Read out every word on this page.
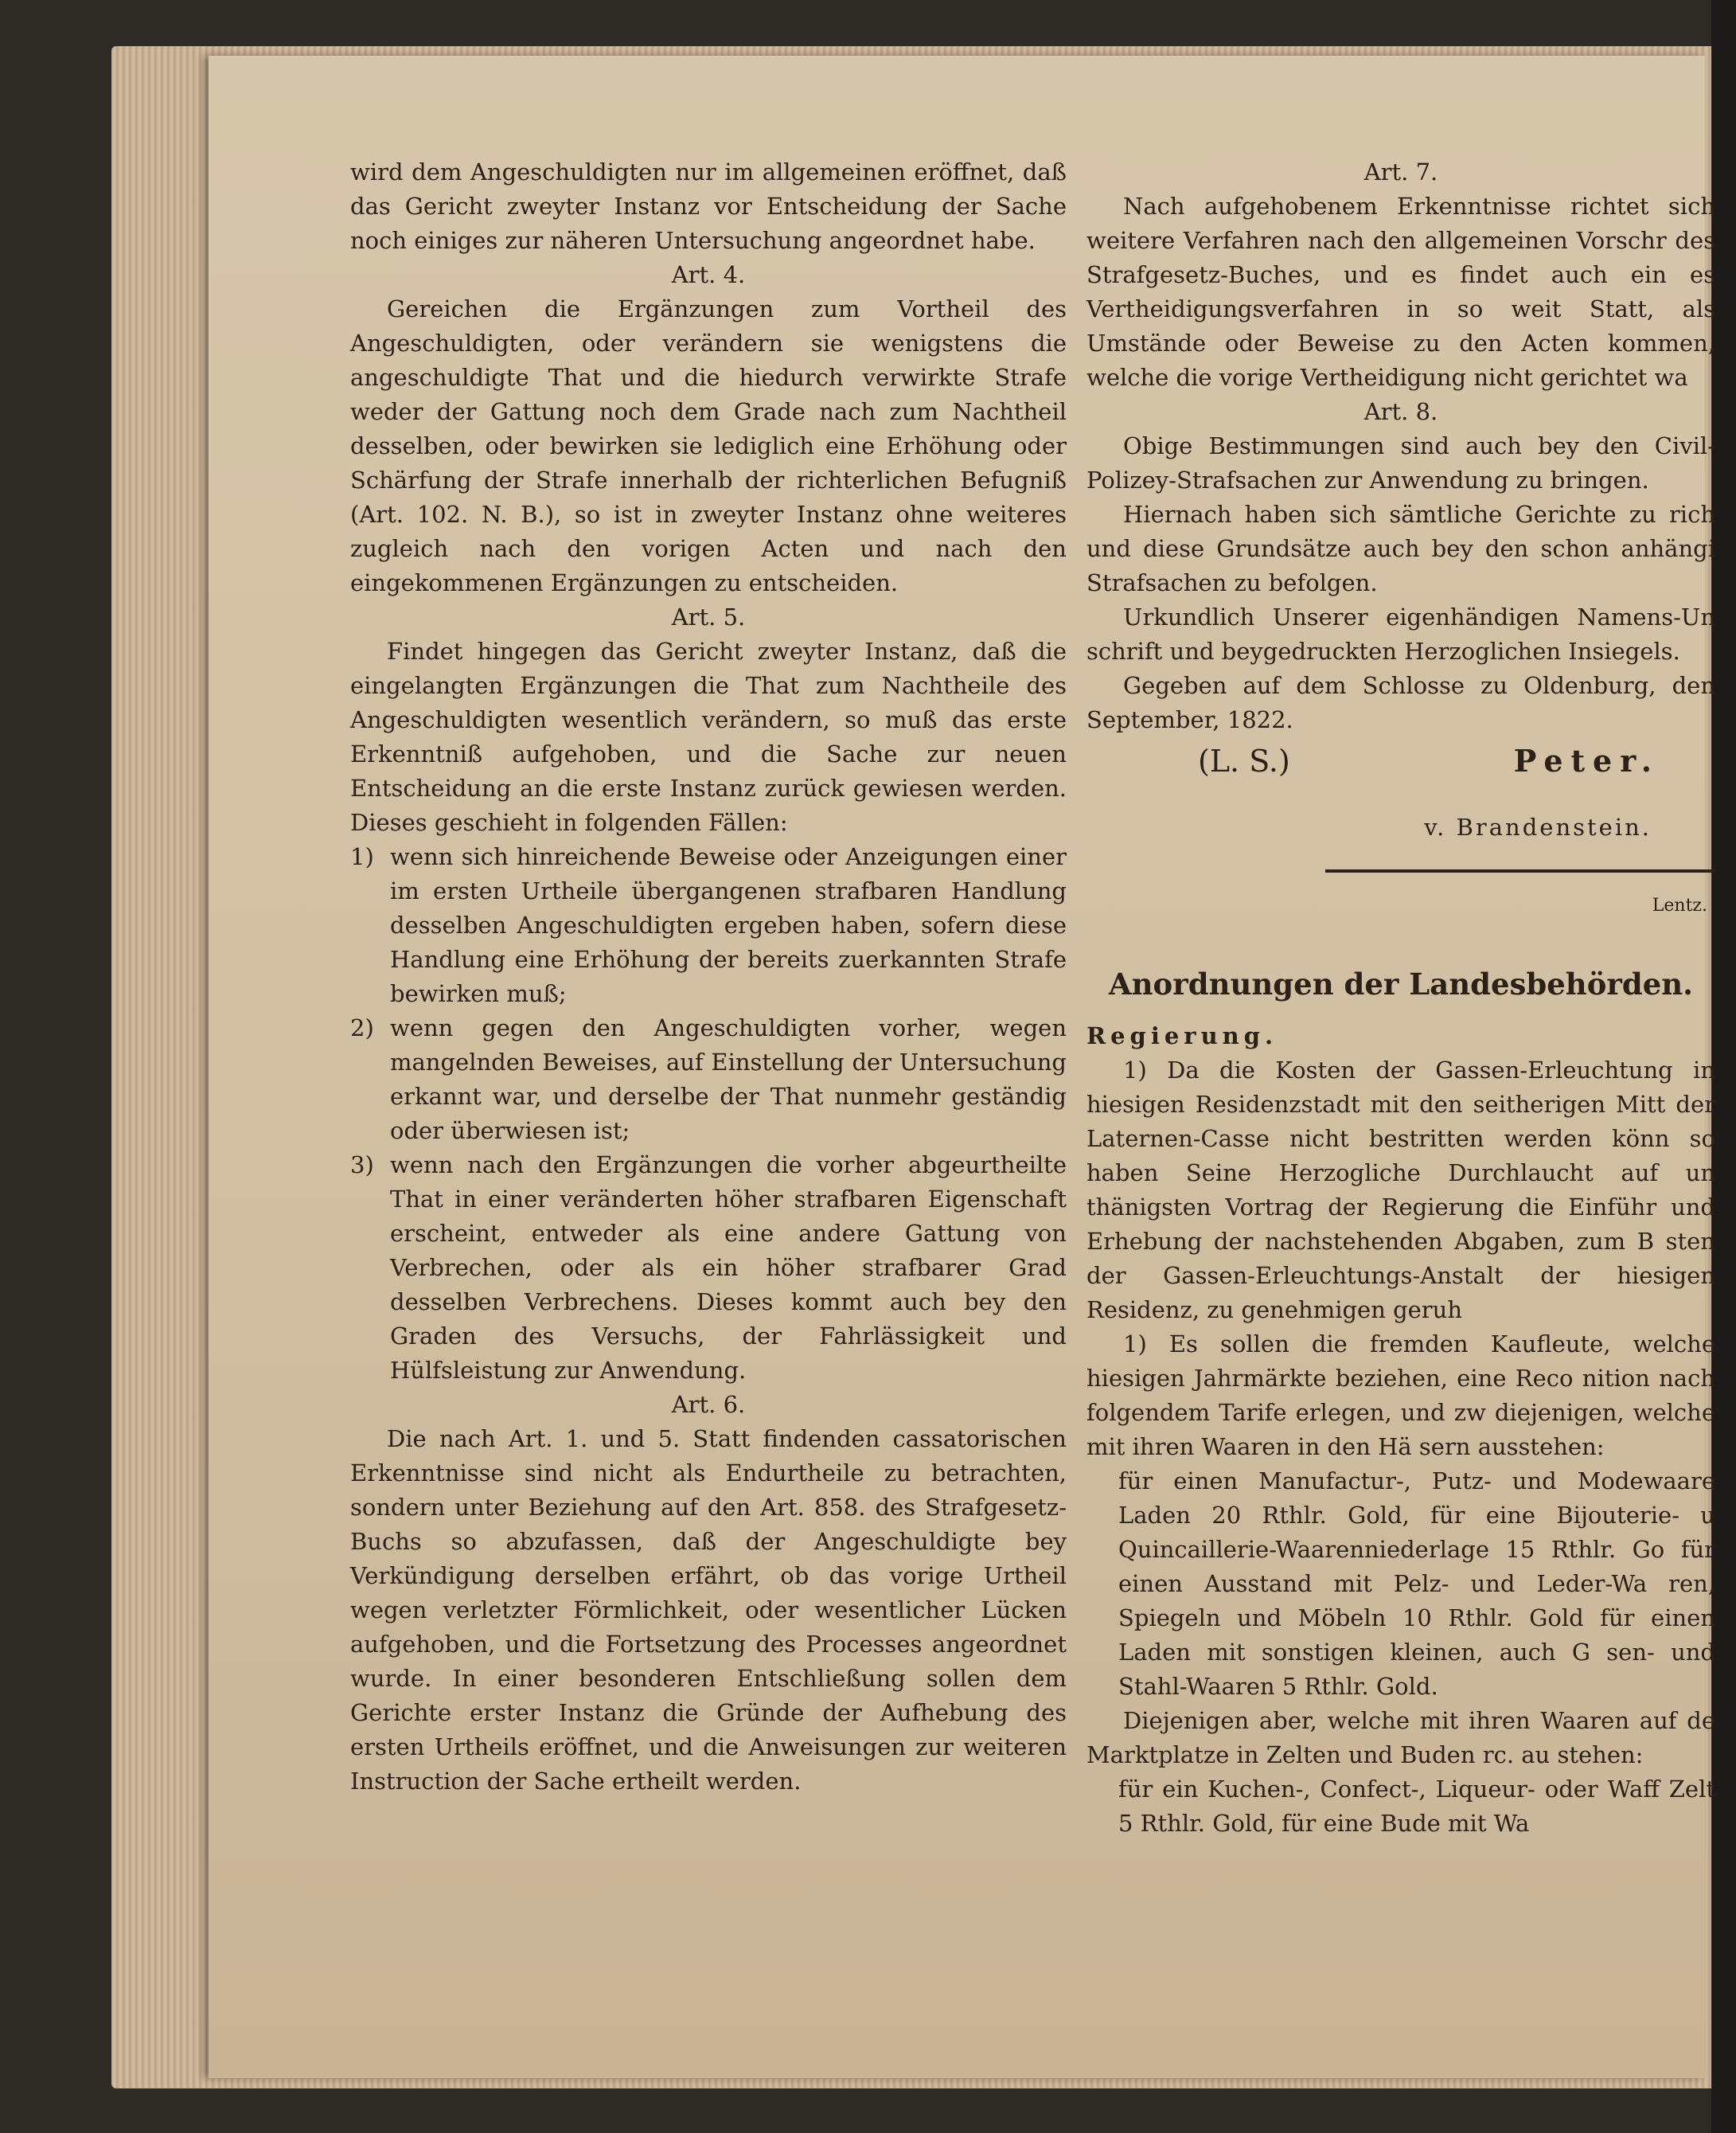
wird dem Angeschuldigten nur im allgemeinen eröffnet, daß das Gericht zweyter Instanz vor Entscheidung der Sache noch einiges zur näheren Untersuchung angeordnet habe.

Art. 4.

Gereichen die Ergänzungen zum Vortheil des Angeschuldigten, oder verändern sie wenigstens die angeschuldigte That und die hiedurch verwirkte Strafe weder der Gattung noch dem Grade nach zum Nachtheil desselben, oder bewirken sie lediglich eine Erhöhung oder Schärfung der Strafe innerhalb der richterlichen Befugniß (Art. 102. N. B.), so ist in zweyter Instanz ohne weiteres zugleich nach den vorigen Acten und nach den eingekommenen Ergänzungen zu entscheiden.

Art. 5.

Findet hingegen das Gericht zweyter Instanz, daß die eingelangten Ergänzungen die That zum Nachtheile des Angeschuldigten wesentlich verändern, so muß das erste Erkenntniß aufgehoben, und die Sache zur neuen Entscheidung an die erste Instanz zurück gewiesen werden. Dieses geschieht in folgenden Fällen:

1) wenn sich hinreichende Beweise oder Anzeigungen einer im ersten Urtheile übergangenen strafbaren Handlung desselben Angeschuldigten ergeben haben, sofern diese Handlung eine Erhöhung der bereits zuerkannten Strafe bewirken muß;
2) wenn gegen den Angeschuldigten vorher, wegen mangelnden Beweises, auf Einstellung der Untersuchung erkannt war, und derselbe der That nunmehr geständig oder überwiesen ist;
3) wenn nach den Ergänzungen die vorher abgeurtheilte That in einer veränderten höher strafbaren Eigenschaft erscheint, entweder als eine andere Gattung von Verbrechen, oder als ein höher strafbarer Grad desselben Verbrechens. Dieses kommt auch bey den Graden des Versuchs, der Fahrlässigkeit und Hülfsleistung zur Anwendung.

Art. 6.

Die nach Art. 1. und 5. Statt findenden cassatorischen Erkenntnisse sind nicht als Endurtheile zu betrachten, sondern unter Beziehung auf den Art. 858. des Strafgesetz-Buchs so abzufassen, daß der Angeschuldigte bey Verkündigung derselben erfährt, ob das vorige Urtheil wegen verletzter Förmlichkeit, oder wesentlicher Lücken aufgehoben, und die Fortsetzung des Processes angeordnet wurde. In einer besonderen Entschließung sollen dem Gerichte erster Instanz die Gründe der Aufhebung des ersten Urtheils eröffnet, und die Anweisungen zur weiteren Instruction der Sache ertheilt werden.

Art. 7.

Nach aufgehobenem Erkenntnisse richtet sich weitere Verfahren nach den allgemeinen Vorschr des Strafgesetz-Buches, und es findet auch ein es Vertheidigungsverfahren in so weit Statt, als Umstände oder Beweise zu den Acten kommen, welche die vorige Vertheidigung nicht gerichtet wa

Art. 8.

Obige Bestimmungen sind auch bey den Civil- Polizey-Strafsachen zur Anwendung zu bringen.

Hiernach haben sich sämtliche Gerichte zu rich und diese Grundsätze auch bey den schon anhängi Strafsachen zu befolgen.

Urkundlich Unserer eigenhändigen Namens-Un schrift und beygedruckten Herzoglichen Insiegels.

Gegeben auf dem Schlosse zu Oldenburg, den September, 1822.

(L. S.)	Peter.

v. Brandenstein.

Lentz.

Anordnungen der Landesbehörden.

Regierung.

1) Da die Kosten der Gassen-Erleuchtung in hiesigen Residenzstadt mit den seitherigen Mitt der Laternen-Casse nicht bestritten werden könn so haben Seine Herzogliche Durchlaucht auf un thänigsten Vortrag der Regierung die Einführ und Erhebung der nachstehenden Abgaben, zum B sten der Gassen-Erleuchtungs-Anstalt der hiesigen Residenz, zu genehmigen geruh

1) Es sollen die fremden Kaufleute, welche hiesigen Jahrmärkte beziehen, eine Reco nition nach folgendem Tarife erlegen, und zw diejenigen, welche mit ihren Waaren in den Hä sern ausstehen:

für einen Manufactur-, Putz- und Modewaare Laden 20 Rthlr. Gold, für eine Bijouterie- u Quincaillerie-Waarenniederlage 15 Rthlr. Go für einen Ausstand mit Pelz- und Leder-Wa ren, Spiegeln und Möbeln 10 Rthlr. Gold für einen Laden mit sonstigen kleinen, auch G sen- und Stahl-Waaren 5 Rthlr. Gold.

Diejenigen aber, welche mit ihren Waaren auf de Marktplatze in Zelten und Buden rc. au stehen:

für ein Kuchen-, Confect-, Liqueur- oder Waff Zelt 5 Rthlr. Gold, für eine Bude mit Wa
